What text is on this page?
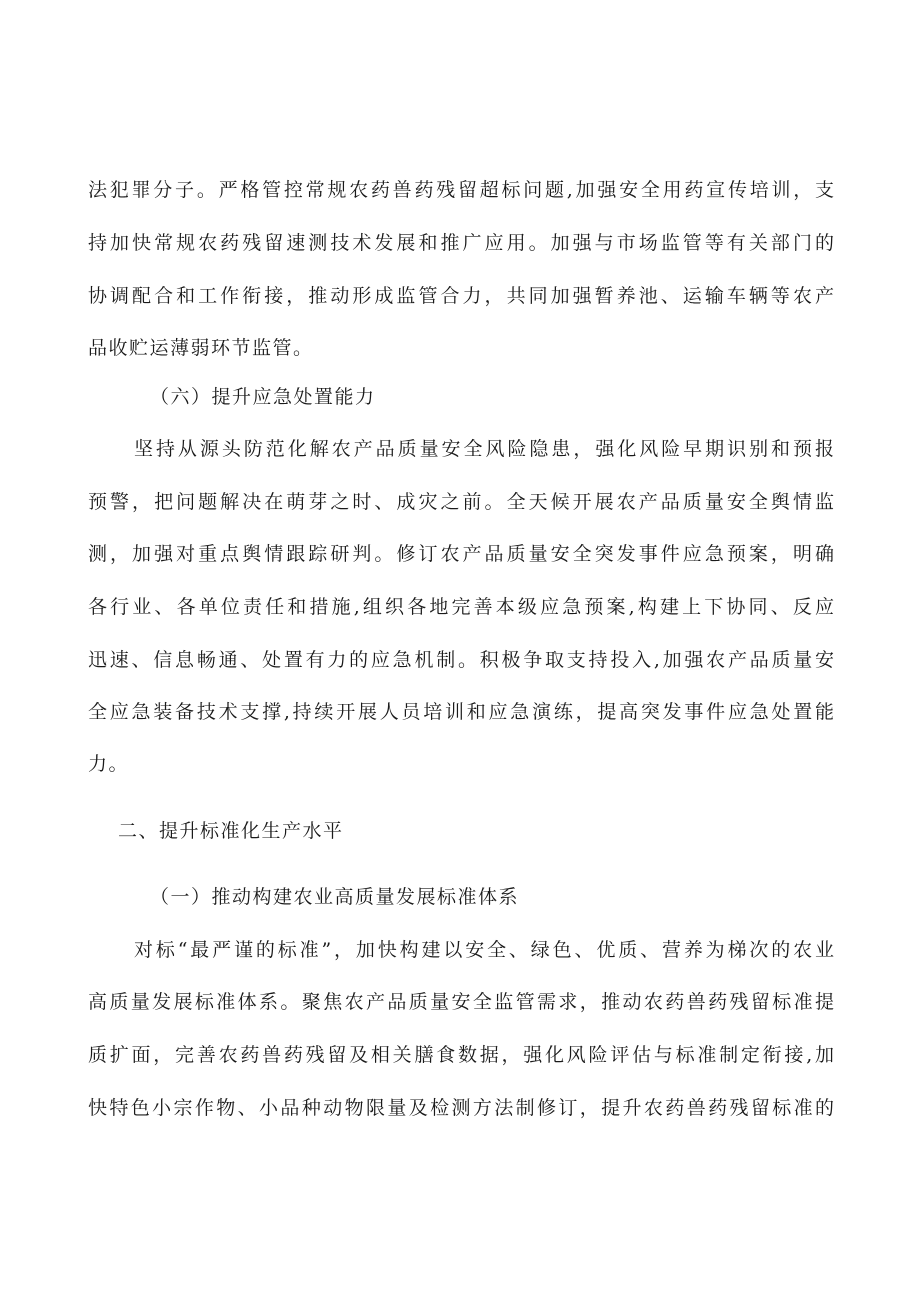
法犯罪分子。严格管控常规农药兽药残留超标问题,加强安全用药宣传培训，支
持加快常规农药残留速测技术发展和推广应用。加强与市场监管等有关部门的
协调配合和工作衔接，推动形成监管合力，共同加强暂养池、运输车辆等农产
品收贮运薄弱环节监管。
（六）提升应急处置能力
坚持从源头防范化解农产品质量安全风险隐患，强化风险早期识别和预报
预警，把问题解决在萌芽之时、成灾之前。全天候开展农产品质量安全舆情监
测，加强对重点舆情跟踪研判。修订农产品质量安全突发事件应急预案，明确
各行业、各单位责任和措施,组织各地完善本级应急预案,构建上下协同、反应
迅速、信息畅通、处置有力的应急机制。积极争取支持投入,加强农产品质量安
全应急装备技术支撑,持续开展人员培训和应急演练，提高突发事件应急处置能
力。
二、提升标准化生产水平
（一）推动构建农业高质量发展标准体系
对标“最严谨的标准”，加快构建以安全、绿色、优质、营养为梯次的农业
高质量发展标准体系。聚焦农产品质量安全监管需求，推动农药兽药残留标准提
质扩面，完善农药兽药残留及相关膳食数据，强化风险评估与标准制定衔接,加
快特色小宗作物、小品种动物限量及检测方法制修订，提升农药兽药残留标准的
